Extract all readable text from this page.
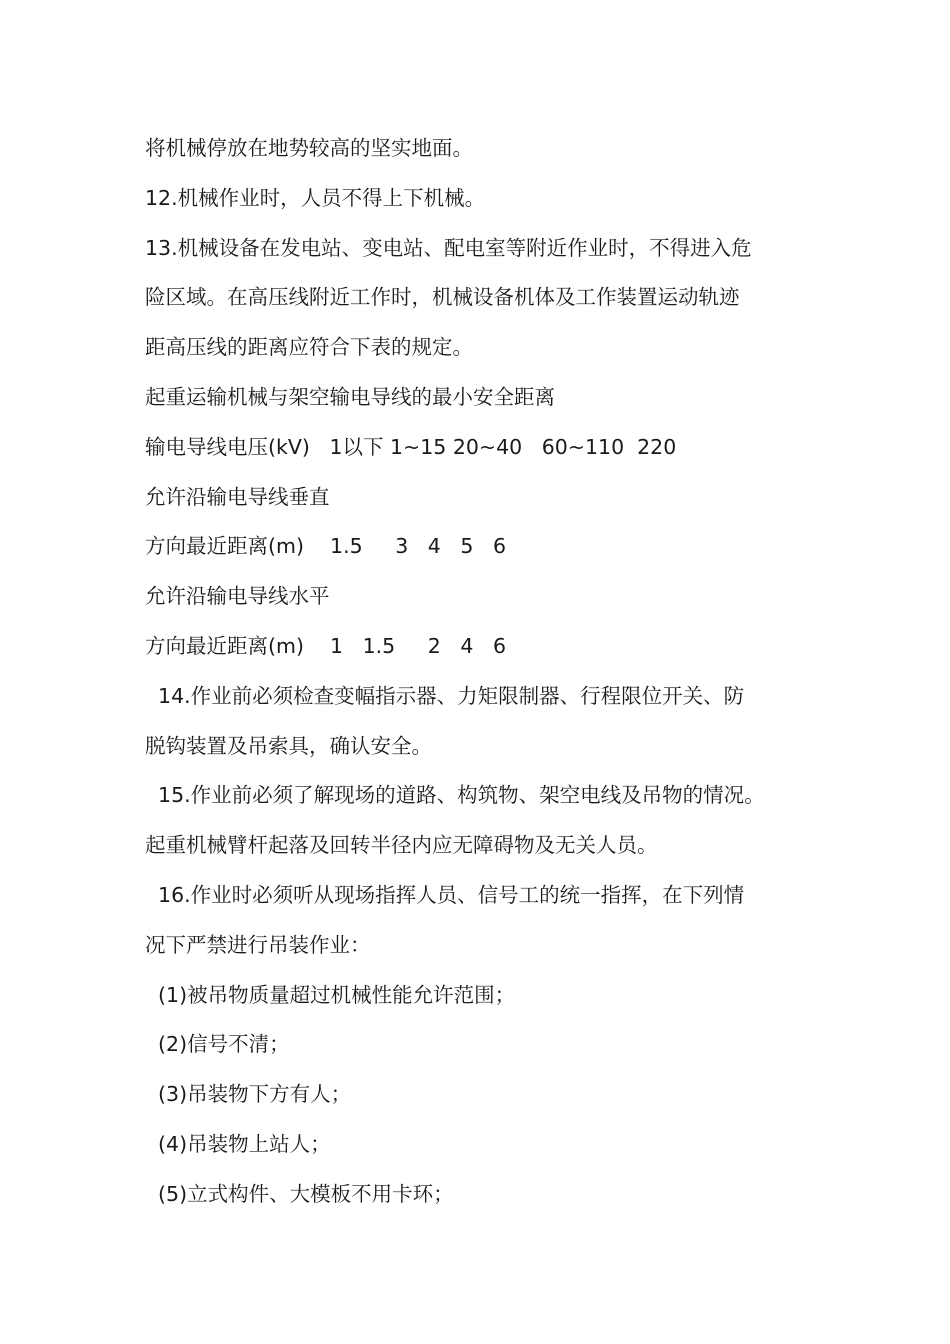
将机械停放在地势较高的坚实地面。
12.机械作业时，人员不得上下机械。
13.机械设备在发电站、变电站、配电室等附近作业时，不得进入危
险区域。在高压线附近工作时，机械设备机体及工作装置运动轨迹
距高压线的距离应符合下表的规定。
起重运输机械与架空输电导线的最小安全距离
输电导线电压(kV)   1以下 1~15 20~40   60~110  220
允许沿输电导线垂直
方向最近距离(m)    1.5     3   4   5   6
允许沿输电导线水平
方向最近距离(m)    1   1.5     2   4   6
14.作业前必须检查变幅指示器、力矩限制器、行程限位开关、防
脱钩装置及吊索具，确认安全。
15.作业前必须了解现场的道路、构筑物、架空电线及吊物的情况。
起重机械臂杆起落及回转半径内应无障碍物及无关人员。
16.作业时必须听从现场指挥人员、信号工的统一指挥，在下列情
况下严禁进行吊装作业：
(1)被吊物质量超过机械性能允许范围；
(2)信号不清；
(3)吊装物下方有人；
(4)吊装物上站人；
(5)立式构件、大模板不用卡环；
